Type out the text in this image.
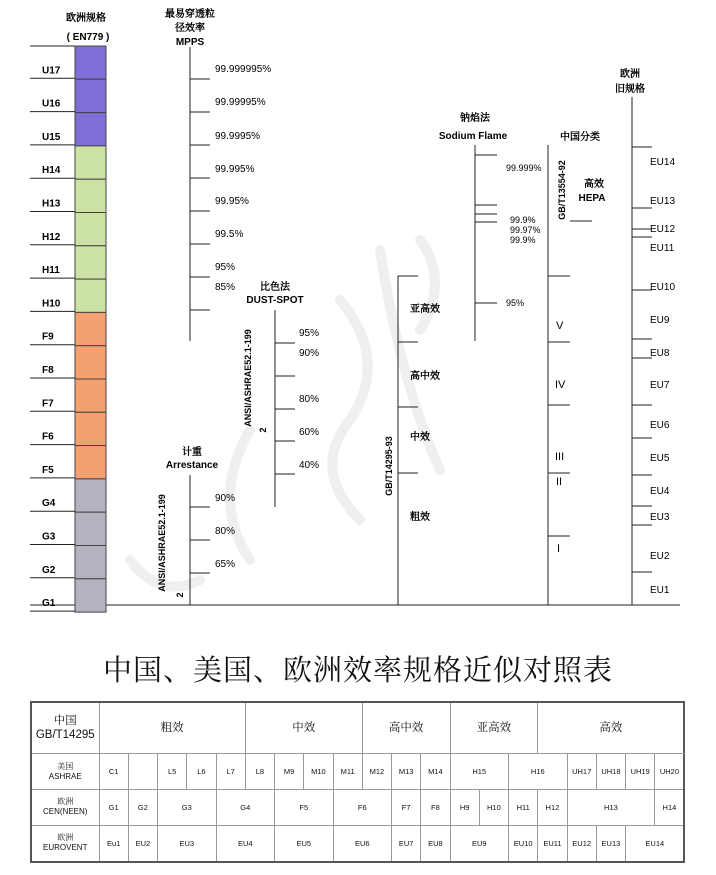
欧洲规格
( EN779 )
U17
U16
U15
H14
H13
H12
H11
H10
F9
F8
F7
F6
F5
G4
G3
G2
G1
最易穿透粒
径效率
MPPS
99.999995%
99.99995%
99.9995%
99.995%
99.95%
99.5%
95%
85% 比色法
DUST-SPOT
ANSI/ASHRAE52.1-199
2
95%
90%
80%
60%
40%
计重
Arrestance
ANSI/ASHRAE52.1-199
2
90%
80%
65%
GB/T14295-93
亚高效
高中效
中效
粗效
钠焰法
Sodium Flame
99.999%
99.9%
99.97%
99.9%
95%
中国分类
GB/T13554-92 高效
HEPA
V
IV
III
II
I
欧洲
旧规格
EU14
EU13
EU12
EU11
EU10
EU9
EU8
EU7
EU6
EU5
EU4
EU3
EU2
EU1
中国、美国、欧洲效率规格近似对照表
中国
GB/T14295	粗效					中效				高中效			亚高效			高效					

美国
ASHRAE	C1		L5	L6	L7	L8	M9	M10	M11	M12	M13	M14	H15		H16		UH17	UH18	UH19	UH20	

欧洲
CEN(NEEN)	G1	G2	G3		G4		F5		F6		F7	F8	H9	H10	H11	H12	H13			H14	

欧洲
EUROVENT	Eu1	EU2	EU3		EU4		EU5		EU6		EU7	EU8	EU9		EU10	EU11	EU12	EU13	EU14		
